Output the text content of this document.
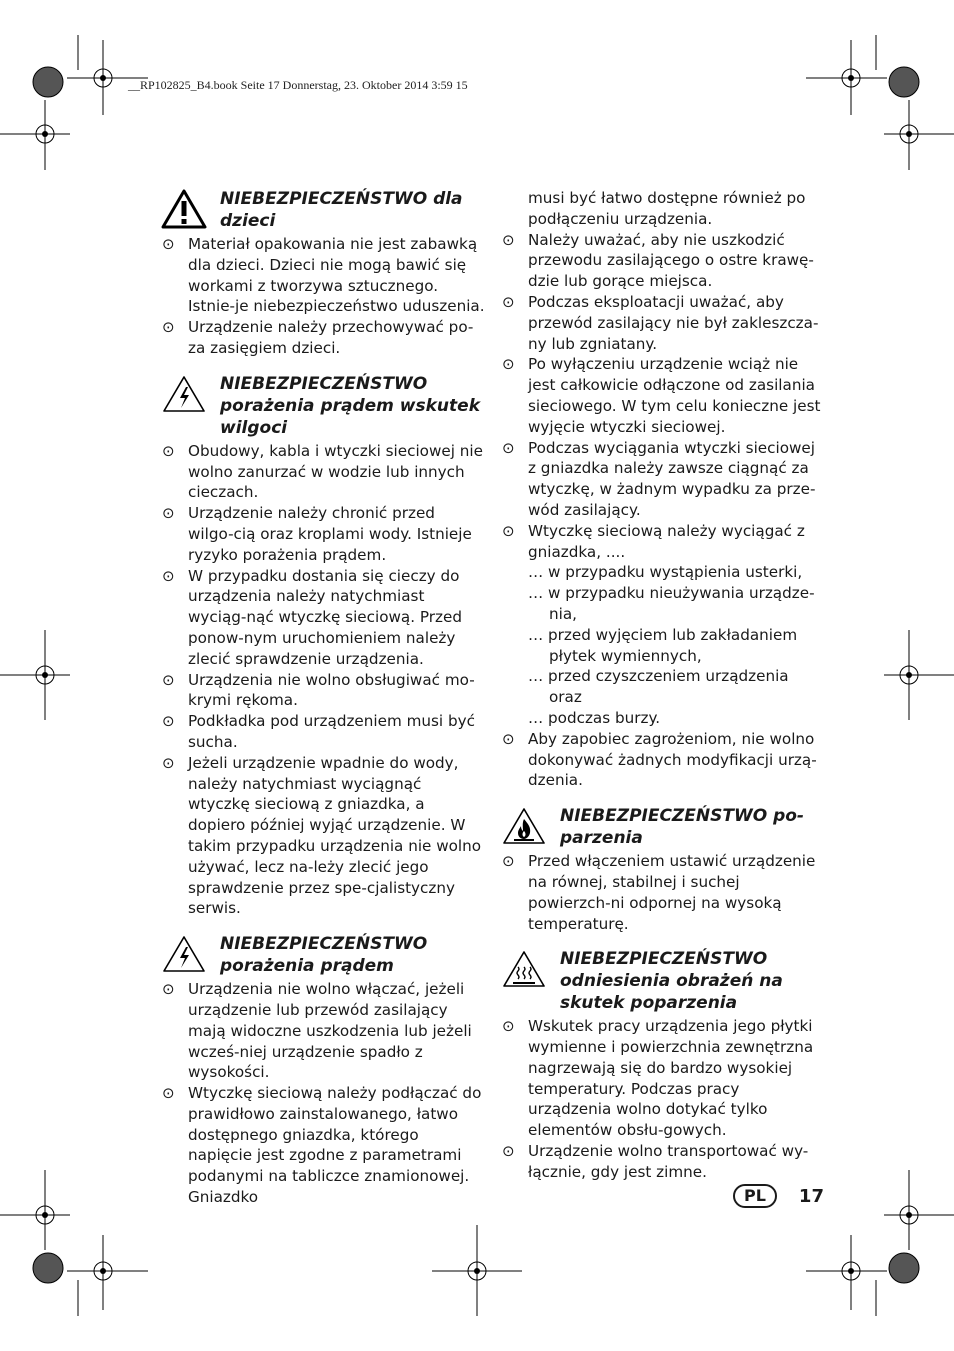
__RP102825_B4.book Seite 17 Donnerstag, 23. Oktober 2014 3:59 15
NIEBEZPIECZEŃSTWO dla dzieci
⊙ Materiał opakowania nie jest zabawką dla dzieci. Dzieci nie mogą bawić się workami z tworzywa sztucznego. Istnie-je niebezpieczeństwo uduszenia.
⊙ Urządzenie należy przechowywać po-za zasięgiem dzieci.
NIEBEZPIECZEŃSTWO porażenia prądem wskutek wilgoci
⊙ Obudowy, kabla i wtyczki sieciowej nie wolno zanurzać w wodzie lub innych cieczach.
⊙ Urządzenie należy chronić przed wilgo-cią oraz kroplami wody. Istnieje ryzyko porażenia prądem.
⊙ W przypadku dostania się cieczy do urządzenia należy natychmiast wyciąg-nąć wtyczkę sieciową. Przed ponow-nym uruchomieniem należy zlecić sprawdzenie urządzenia.
⊙ Urządzenia nie wolno obsługiwać mo-krymi rękoma.
⊙ Podkładka pod urządzeniem musi być sucha.
⊙ Jeżeli urządzenie wpadnie do wody, należy natychmiast wyciągnąć wtyczkę sieciową z gniazdka, a dopiero później wyjąć urządzenie. W takim przypadku urządzenia nie wolno używać, lecz na-leży zlecić jego sprawdzenie przez spe-cjalistyczny serwis.
NIEBEZPIECZEŃSTWO porażenia prądem
⊙ Urządzenia nie wolno włączać, jeżeli urządzenie lub przewód zasilający mają widoczne uszkodzenia lub jeżeli wcześ-niej urządzenie spadło z wysokości.
⊙ Wtyczkę sieciową należy podłączać do prawidłowo zainstalowanego, łatwo dostępnego gniazdka, którego napięcie jest zgodne z parametrami podanymi na tabliczce znamionowej. Gniazdko

musi być łatwo dostępne również po podłączeniu urządzenia.

⊙ Należy uważać, aby nie uszkodzić przewodu zasilającego o ostre krawę-dzie lub gorące miejsca.
⊙ Podczas eksploatacji uważać, aby przewód zasilający nie był zakleszcza-ny lub zgniatany.
⊙ Po wyłączeniu urządzenie wciąż nie jest całkowicie odłączone od zasilania sieciowego. W tym celu konieczne jest wyjęcie wtyczki sieciowej.
⊙ Podczas wyciągania wtyczki sieciowej z gniazdka należy zawsze ciągnąć za wtyczkę, w żadnym wypadku za prze-wód zasilający.
⊙ Wtyczkę sieciową należy wyciągać z gniazdka, ....
… w przypadku wystąpienia usterki,
… w przypadku nieużywania urządze-nia,
… przed wyjęciem lub zakładaniem płytek wymiennych,
… przed czyszczeniem urządzenia oraz
… podczas burzy.
⊙ Aby zapobiec zagrożeniom, nie wolno dokonywać żadnych modyfikacji urzą-dzenia.
NIEBEZPIECZEŃSTWO po-parzenia
⊙ Przed włączeniem ustawić urządzenie na równej, stabilnej i suchej powierzch-ni odpornej na wysoką temperaturę.
NIEBEZPIECZEŃSTWO odniesienia obrażeń na skutek poparzenia
⊙ Wskutek pracy urządzenia jego płytki wymienne i powierzchnia zewnętrzna nagrzewają się do bardzo wysokiej temperatury. Podczas pracy urządzenia wolno dotykać tylko elementów obsłu-gowych.
⊙ Urządzenie wolno transportować wy-łącznie, gdy jest zimne.
PL	17
